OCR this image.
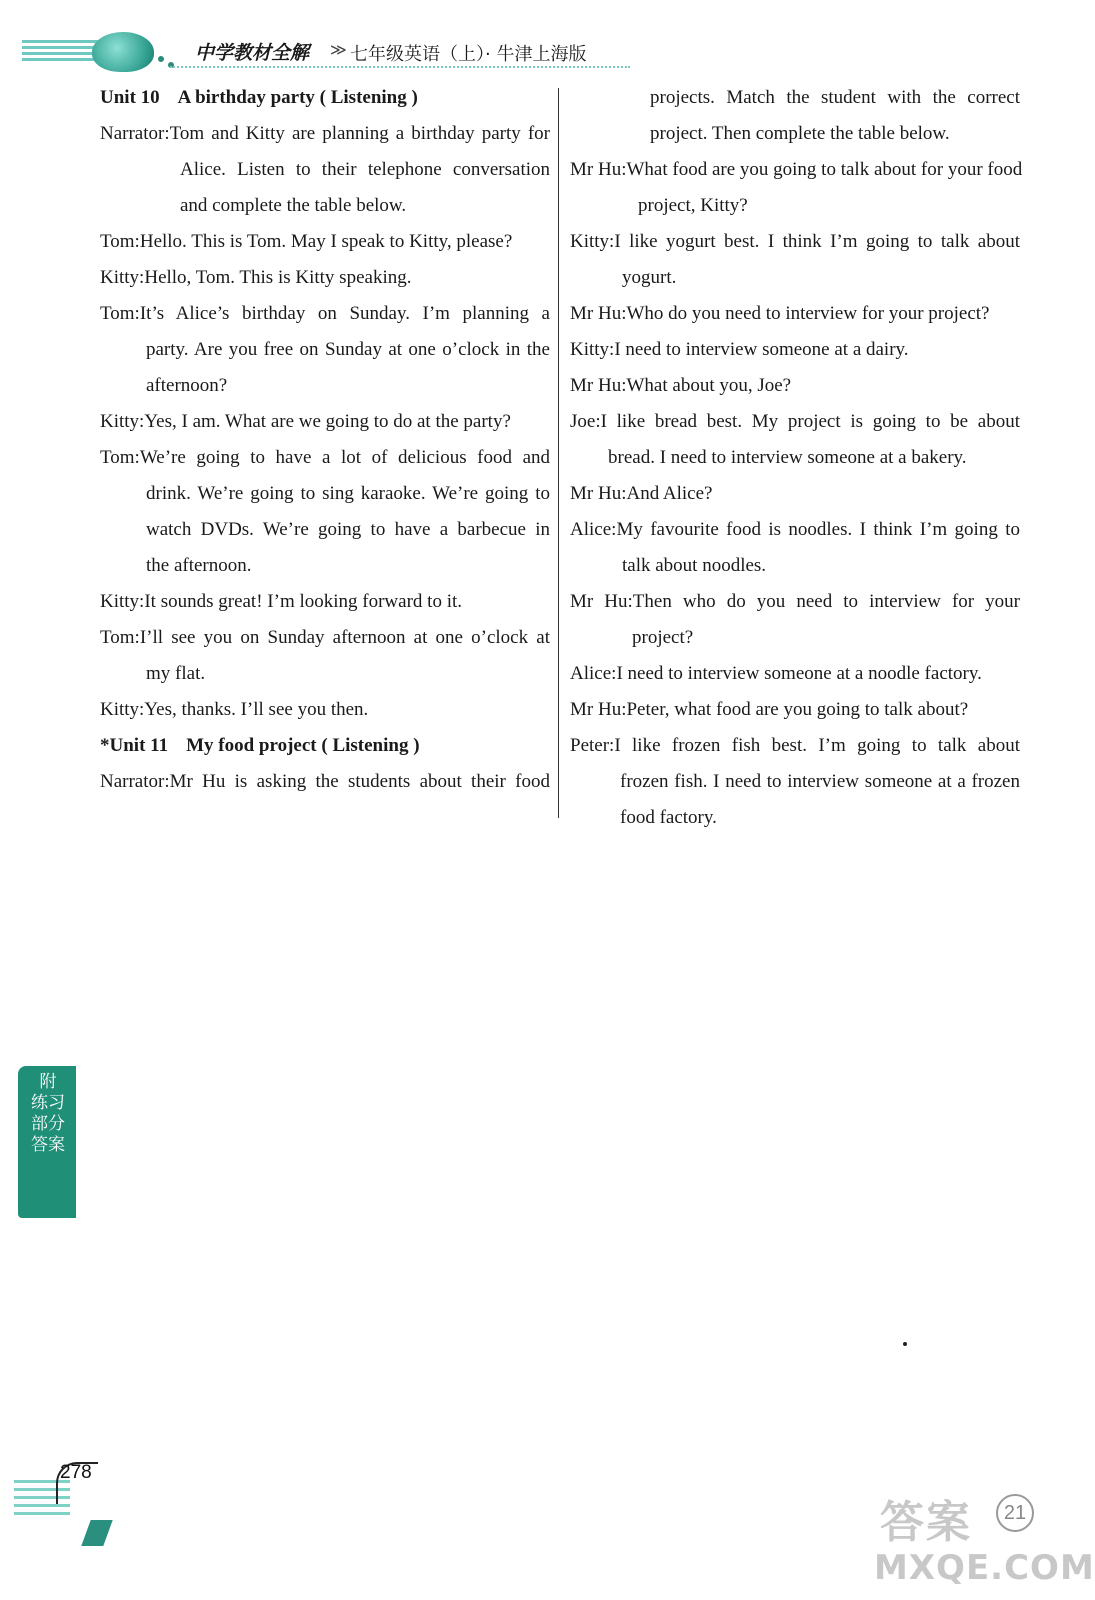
中学教材全解 ≫ 七年级英语（上）· 牛津上海版
Unit 10 A birthday party ( Listening )
Narrator:Tom and Kitty are planning a birthday party for
Alice. Listen to their telephone conversation
and complete the table below.
Tom:Hello. This is Tom. May I speak to Kitty, please?
Kitty:Hello, Tom. This is Kitty speaking.
Tom:It’s Alice’s birthday on Sunday. I’m planning a
party. Are you free on Sunday at one o’clock in the
afternoon?
Kitty:Yes, I am. What are we going to do at the party?
Tom:We’re going to have a lot of delicious food and
drink. We’re going to sing karaoke. We’re going to
watch DVDs. We’re going to have a barbecue in
the afternoon.
Kitty:It sounds great! I’m looking forward to it.
Tom:I’ll see you on Sunday afternoon at one o’clock at
my flat.
Kitty:Yes, thanks. I’ll see you then.
*Unit 11 My food project ( Listening )
Narrator:Mr Hu is asking the students about their food
projects. Match the student with the correct
project. Then complete the table below.
Mr Hu:What food are you going to talk about for your food
project, Kitty?
Kitty:I like yogurt best. I think I’m going to talk about
yogurt.
Mr Hu:Who do you need to interview for your project?
Kitty:I need to interview someone at a dairy.
Mr Hu:What about you, Joe?
Joe:I like bread best. My project is going to be about
bread. I need to interview someone at a bakery.
Mr Hu:And Alice?
Alice:My favourite food is noodles. I think I’m going to
talk about noodles.
Mr Hu:Then who do you need to interview for your
project?
Alice:I need to interview someone at a noodle factory.
Mr Hu:Peter, what food are you going to talk about?
Peter:I like frozen fish best. I’m going to talk about
frozen fish. I need to interview someone at a frozen
food factory.
附 练习部分答案
278
答案	21
MXQE.COM
